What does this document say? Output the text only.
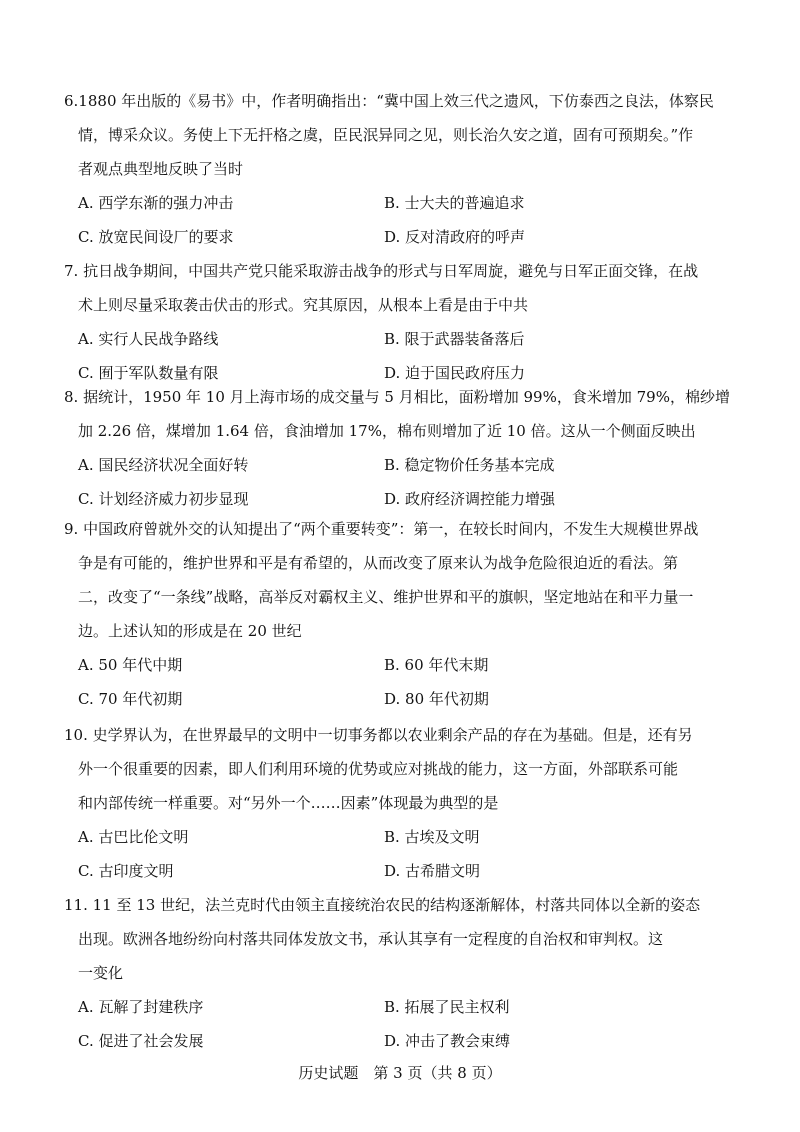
6.1880 年出版的《易书》中，作者明确指出：“冀中国上效三代之遗风，下仿泰西之良法，体察民
情，博采众议。务使上下无扞格之虞，臣民泯异同之见，则长治久安之道，固有可预期矣。”作
者观点典型地反映了当时
A. 西学东渐的强力冲击	B. 士大夫的普遍追求
C. 放宽民间设厂的要求	D. 反对清政府的呼声
7. 抗日战争期间，中国共产党只能采取游击战争的形式与日军周旋，避免与日军正面交锋，在战
术上则尽量采取袭击伏击的形式。究其原因，从根本上看是由于中共
A. 实行人民战争路线	B. 限于武器装备落后
C. 囿于军队数量有限	D. 迫于国民政府压力
8. 据统计，1950 年 10 月上海市场的成交量与 5 月相比，面粉增加 99%，食米增加 79%，棉纱增
加 2.26 倍，煤增加 1.64 倍，食油增加 17%，棉布则增加了近 10 倍。这从一个侧面反映出
A. 国民经济状况全面好转	B. 稳定物价任务基本完成
C. 计划经济威力初步显现	D. 政府经济调控能力增强
9. 中国政府曾就外交的认知提出了“两个重要转变”：第一，在较长时间内，不发生大规模世界战
争是有可能的，维护世界和平是有希望的，从而改变了原来认为战争危险很迫近的看法。第
二，改变了“一条线”战略，高举反对霸权主义、维护世界和平的旗帜，坚定地站在和平力量一
边。上述认知的形成是在 20 世纪
A. 50 年代中期	B. 60 年代末期
C. 70 年代初期	D. 80 年代初期
10. 史学界认为，在世界最早的文明中一切事务都以农业剩余产品的存在为基础。但是，还有另
外一个很重要的因素，即人们利用环境的优势或应对挑战的能力，这一方面，外部联系可能
和内部传统一样重要。对“另外一个……因素”体现最为典型的是
A. 古巴比伦文明	B. 古埃及文明
C. 古印度文明	D. 古希腊文明
11. 11 至 13 世纪，法兰克时代由领主直接统治农民的结构逐渐解体，村落共同体以全新的姿态
出现。欧洲各地纷纷向村落共同体发放文书，承认其享有一定程度的自治权和审判权。这
一变化
A. 瓦解了封建秩序	B. 拓展了民主权利
C. 促进了社会发展	D. 冲击了教会束缚
历史试题　第 3 页（共 8 页）
